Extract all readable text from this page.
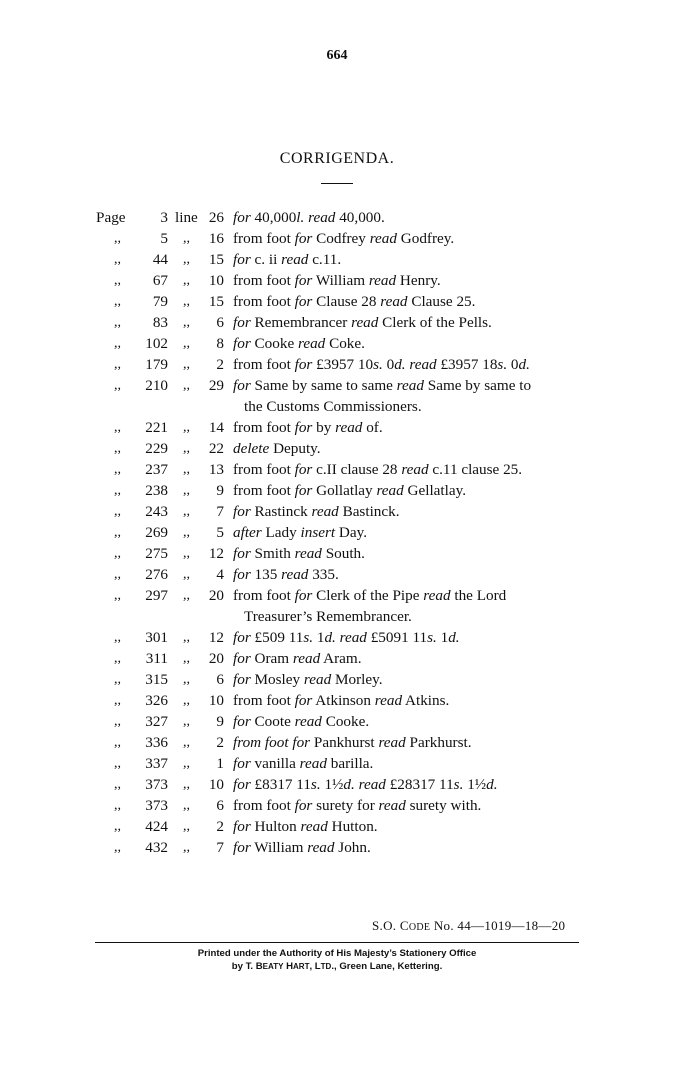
664
CORRIGENDA.
Page	3 line 26 for 40,000l. read 40,000.
,,	5 ,,	16 from foot for Codfrey read Godfrey.
,,	44 ,,	15 for c. ii read c.11.
,,	67 ,,	10 from foot for William read Henry.
,,	79 ,,	15 from foot for Clause 28 read Clause 25.
,,	83 ,,	6 for Remembrancer read Clerk of the Pells.
,,	102 ,,	8 for Cooke read Coke.
,,	179 ,,	2 from foot for £3957 10s. 0d. read £3957 18s. 0d.
,,	210 ,,	29 for Same by same to same read Same by same to
the Customs Commissioners.
,,	221 ,,	14 from foot for by read of.
,,	229 ,,	22 delete Deputy.
,,	237 ,,	13 from foot for c.II clause 28 read c.11 clause 25.
,,	238 ,,	9 from foot for Gollatlay read Gellatlay.
,,	243 ,,	7 for Rastinck read Bastinck.
,,	269 ,,	5 after Lady insert Day.
,,	275 ,,	12 for Smith read South.
,,	276 ,,	4 for 135 read 335.
,,	297 ,,	20 from foot for Clerk of the Pipe read the Lord
Treasurer’s Remembrancer.
,,	301 ,,	12 for £509 11s. 1d. read £5091 11s. 1d.
,,	311 ,,	20 for Oram read Aram.
,,	315 ,,	6 for Mosley read Morley.
,,	326 ,,	10 from foot for Atkinson read Atkins.
,,	327 ,,	9 for Coote read Cooke.
,,	336 ,,	2 from foot for Pankhurst read Parkhurst.
,,	337 ,,	1 for vanilla read barilla.
,,	373 ,,	10 for £8317 11s. 1½d. read £28317 11s. 1½d.
,,	373 ,,	6 from foot for surety for read surety with.
,,	424 ,,	2 for Hulton read Hutton.
,,	432 ,,	7 for William read John.
S.O. CODE No. 44—1019—18—20
Printed under the Authority of His Majesty’s Stationery Office
by T. BEATY HART, LTD., Green Lane, Kettering.
